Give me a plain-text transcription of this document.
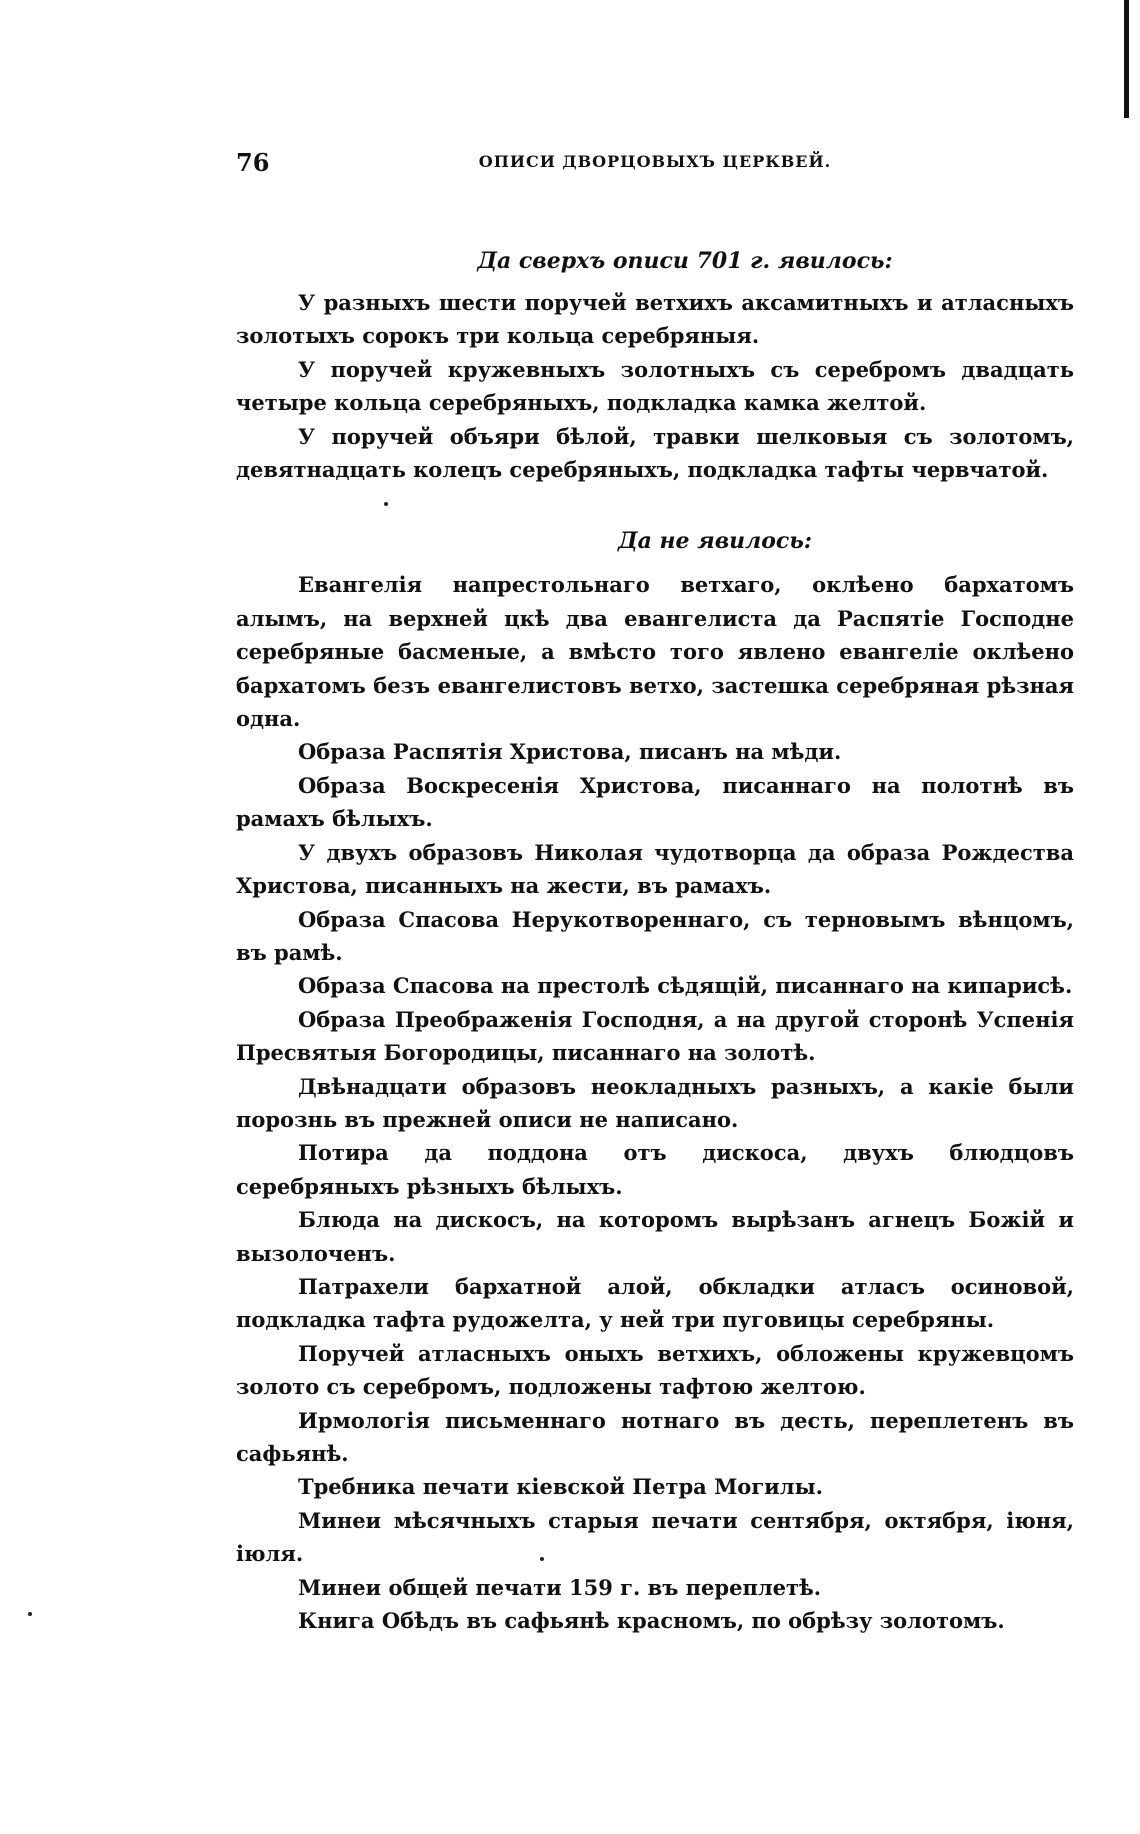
76	ОПИСИ ДВОРЦОВЫХЪ ЦЕРКВЕЙ.
Да сверхъ описи 701 г. явилось:

У разныхъ шести поручей ветхихъ аксамитныхъ и атласныхъ золотыхъ сорокъ три кольца серебряныя.

У поручей кружевныхъ золотныхъ съ серебромъ двадцать четыре кольца серебряныхъ, подкладка камка желтой.

У поручей объяри бѣлой, травки шелковыя съ золотомъ, девятнадцать колецъ серебряныхъ, подкладка тафты червчатой.

Да не явилось:

Евангелія напрестольнаго ветхаго, оклѣено бархатомъ алымъ, на верхней цкѣ два евангелиста да Распятіе Господне серебряные басменые, а вмѣсто того явлено евангеліе оклѣено бархатомъ безъ евангелистовъ ветхо, застешка серебряная рѣзная одна.

Образа Распятія Христова, писанъ на мѣди.

Образа Воскресенія Христова, писаннаго на полотнѣ въ рамахъ бѣлыхъ.

У двухъ образовъ Николая чудотворца да образа Рождества Христова, писанныхъ на жести, въ рамахъ.

Образа Спасова Нерукотвореннаго, съ терновымъ вѣнцомъ, въ рамѣ.

Образа Спасова на престолѣ сѣдящій, писаннаго на кипарисѣ.

Образа Преображенія Господня, а на другой сторонѣ Успенія Пресвятыя Богородицы, писаннаго на золотѣ.

Двѣнадцати образовъ неокладныхъ разныхъ, а какіе были порознь въ прежней описи не написано.

Потира да поддона отъ дискоса, двухъ блюдцовъ серебряныхъ рѣзныхъ бѣлыхъ.

Блюда на дискосъ, на которомъ вырѣзанъ агнецъ Божій и вызолоченъ.

Патрахели бархатной алой, обкладки атласъ осиновой, подкладка тафта рудожелта, у ней три пуговицы серебряны.

Поручей атласныхъ оныхъ ветхихъ, обложены кружевцомъ золото съ серебромъ, подложены тафтою желтою.

Ирмологія письменнаго нотнаго въ десть, переплетенъ въ сафьянѣ.

Требника печати кіевской Петра Могилы.

Минеи мѣсячныхъ старыя печати сентября, октября, іюня, іюля.

Минеи общей печати 159 г. въ переплетѣ.

Книга Обѣдъ въ сафьянѣ красномъ, по обрѣзу золотомъ.
